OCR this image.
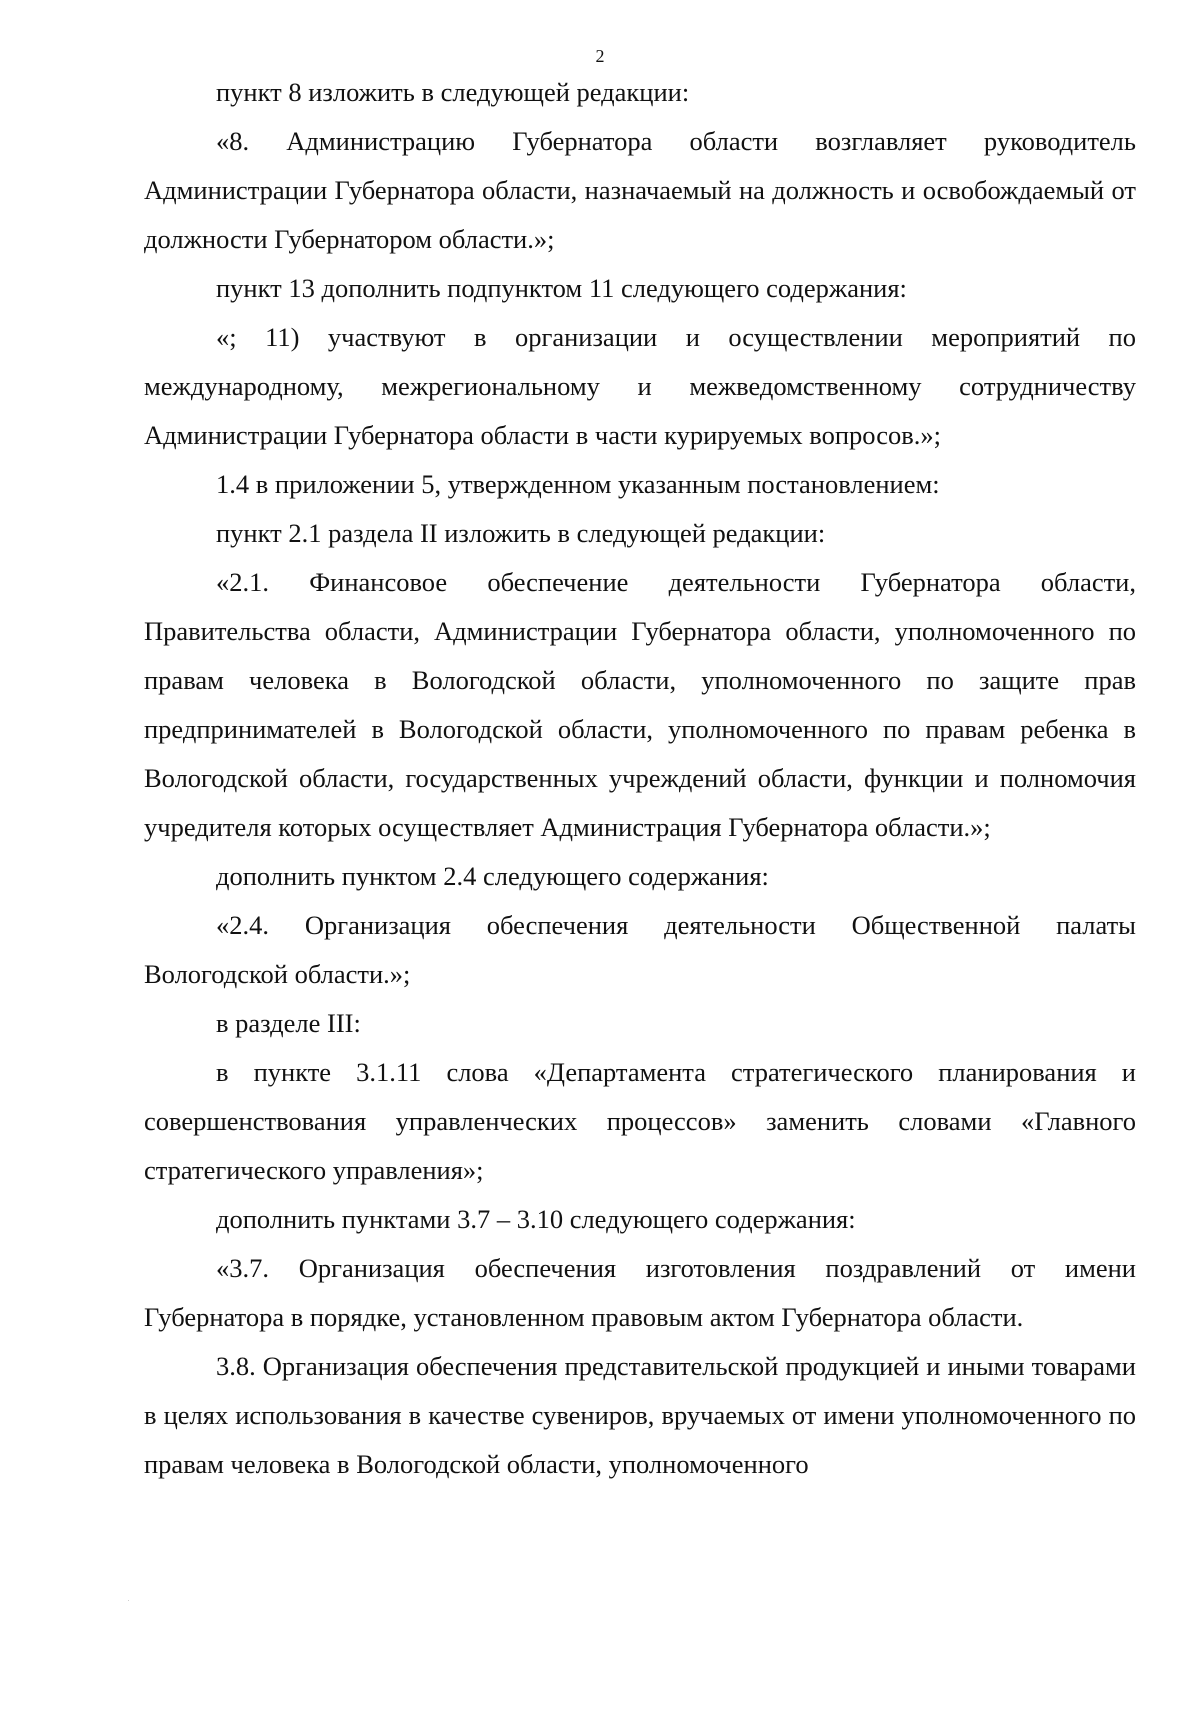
2

пункт 8 изложить в следующей редакции:

«8. Администрацию Губернатора области возглавляет руководитель Администрации Губернатора области, назначаемый на должность и освобождаемый от должности Губернатором области.»;

пункт 13 дополнить подпунктом 11 следующего содержания:

«; 11) участвуют в организации и осуществлении мероприятий по международному, межрегиональному и межведомственному сотрудничеству Администрации Губернатора области в части курируемых вопросов.»;

1.4 в приложении 5, утвержденном указанным постановлением:

пункт 2.1 раздела II изложить в следующей редакции:

«2.1. Финансовое обеспечение деятельности Губернатора области, Правительства области, Администрации Губернатора области, уполномоченного по правам человека в Вологодской области, уполномоченного по защите прав предпринимателей в Вологодской области, уполномоченного по правам ребенка в Вологодской области, государственных учреждений области, функции и полномочия учредителя которых осуществляет Администрация Губернатора области.»;

дополнить пунктом 2.4 следующего содержания:

«2.4. Организация обеспечения деятельности Общественной палаты Вологодской области.»;

в разделе III:

в пункте 3.1.11 слова «Департамента стратегического планирования и совершенствования управленческих процессов» заменить словами «Главного стратегического управления»;

дополнить пунктами 3.7 – 3.10 следующего содержания:

«3.7. Организация обеспечения изготовления поздравлений от имени Губернатора в порядке, установленном правовым актом Губернатора области.

3.8. Организация обеспечения представительской продукцией и иными товарами в целях использования в качестве сувениров, вручаемых от имени уполномоченного по правам человека в Вологодской области, уполномоченного
